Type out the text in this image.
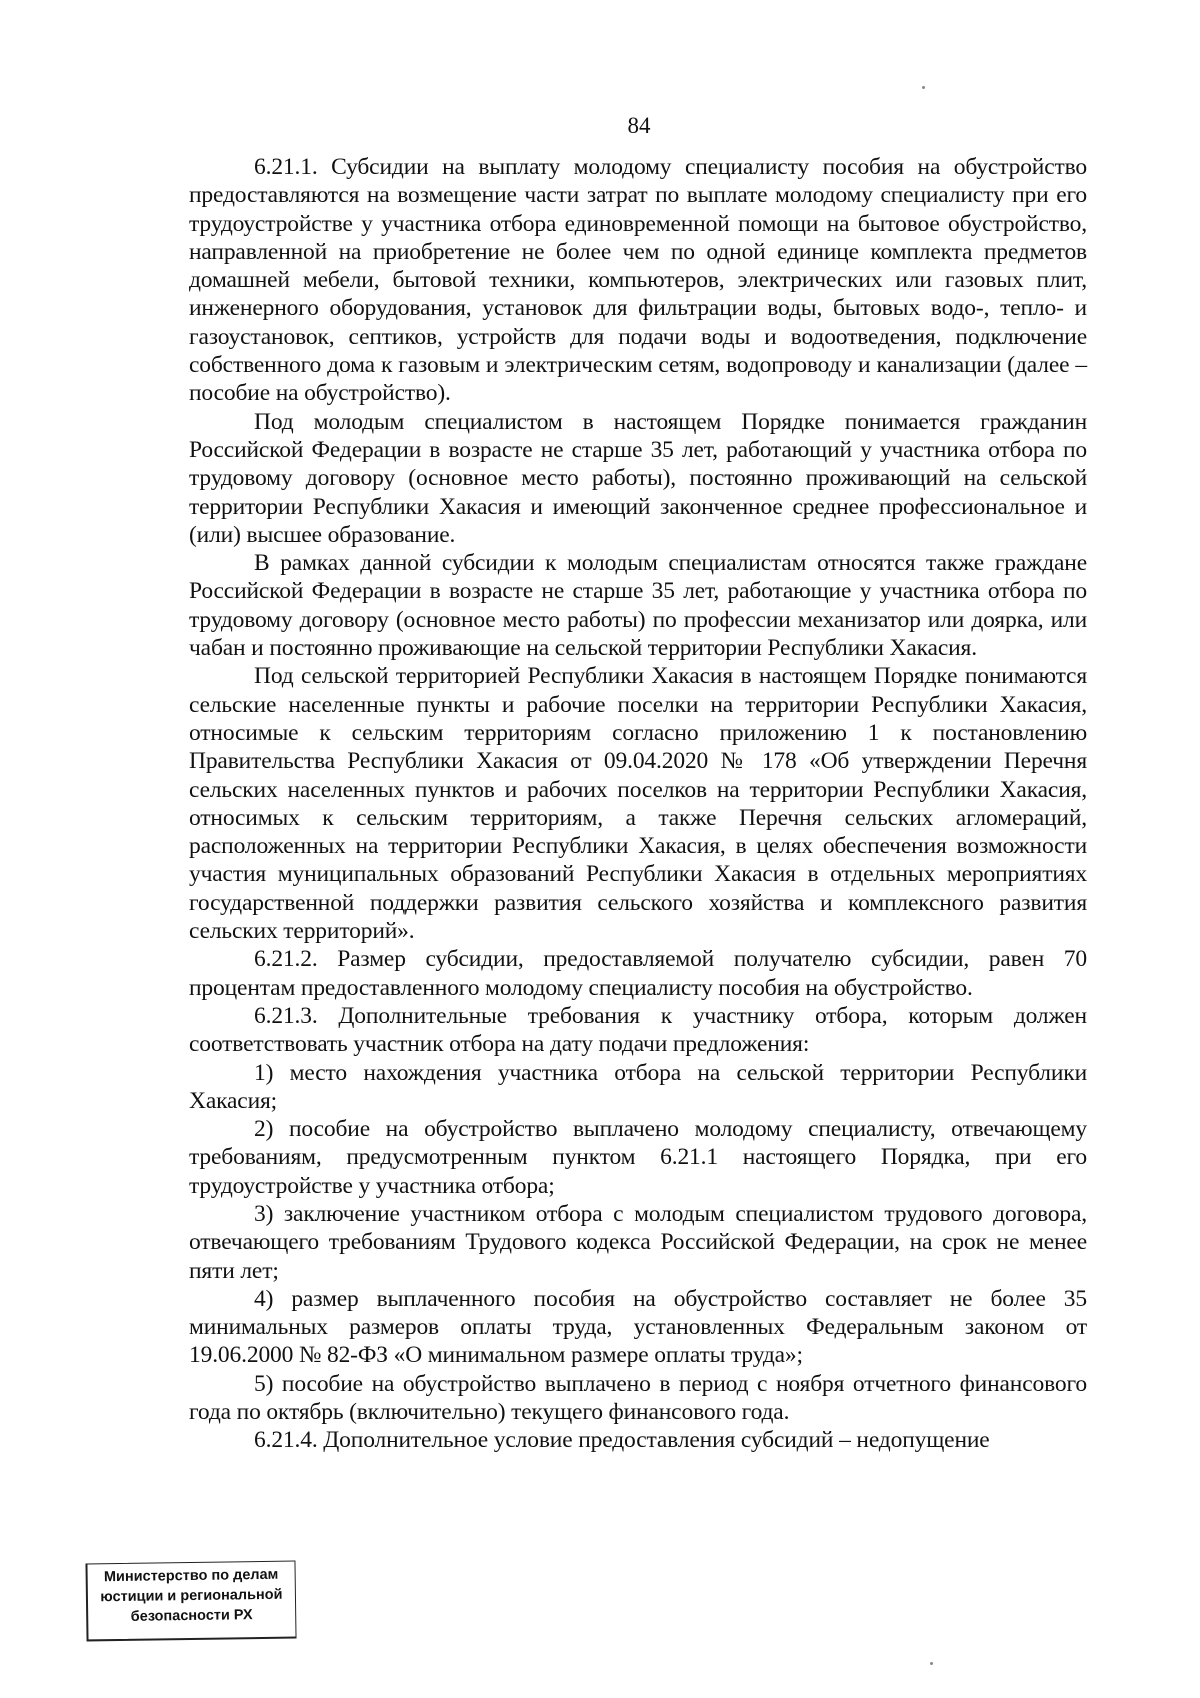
84

6.21.1. Субсидии на выплату молодому специалисту пособия на обустройство предоставляются на возмещение части затрат по выплате молодому специалисту при его трудоустройстве у участника отбора единовременной помощи на бытовое обустройство, направленной на приобретение не более чем по одной единице комплекта предметов домашней мебели, бытовой техники, компьютеров, электрических или газовых плит, инженерного оборудования, установок для фильтрации воды, бытовых водо-, тепло- и газоустановок, септиков, устройств для подачи воды и водоотведения, подключение собственного дома к газовым и электрическим сетям, водопроводу и канализации (далее – пособие на обустройство).

Под молодым специалистом в настоящем Порядке понимается гражданин Российской Федерации в возрасте не старше 35 лет, работающий у участника отбора по трудовому договору (основное место работы), постоянно проживающий на сельской территории Республики Хакасия и имеющий законченное среднее профессиональное и (или) высшее образование.

В рамках данной субсидии к молодым специалистам относятся также граждане Российской Федерации в возрасте не старше 35 лет, работающие у участника отбора по трудовому договору (основное место работы) по профессии механизатор или доярка, или чабан и постоянно проживающие на сельской территории Республики Хакасия.

Под сельской территорией Республики Хакасия в настоящем Порядке понимаются сельские населенные пункты и рабочие поселки на территории Республики Хакасия, относимые к сельским территориям согласно приложению 1 к постановлению Правительства Республики Хакасия от 09.04.2020 № 178 «Об утверждении Перечня сельских населенных пунктов и рабочих поселков на территории Республики Хакасия, относимых к сельским территориям, а также Перечня сельских агломераций, расположенных на территории Республики Хакасия, в целях обеспечения возможности участия муниципальных образований Республики Хакасия в отдельных мероприятиях государственной поддержки развития сельского хозяйства и комплексного развития сельских территорий».

6.21.2. Размер субсидии, предоставляемой получателю субсидии, равен 70 процентам предоставленного молодому специалисту пособия на обустройство.

6.21.3. Дополнительные требования к участнику отбора, которым должен соответствовать участник отбора на дату подачи предложения:

1) место нахождения участника отбора на сельской территории Республики Хакасия;

2) пособие на обустройство выплачено молодому специалисту, отвечающему требованиям, предусмотренным пунктом 6.21.1 настоящего Порядка, при его трудоустройстве у участника отбора;

3) заключение участником отбора с молодым специалистом трудового договора, отвечающего требованиям Трудового кодекса Российской Федерации, на срок не менее пяти лет;

4) размер выплаченного пособия на обустройство составляет не более 35 минимальных размеров оплаты труда, установленных Федеральным законом от 19.06.2000 № 82-ФЗ «О минимальном размере оплаты труда»;

5) пособие на обустройство выплачено в период с ноября отчетного финансового года по октябрь (включительно) текущего финансового года.

6.21.4. Дополнительное условие предоставления субсидий – недопущение

Министерство по делам
юстиции и региональной
безопасности РХ
